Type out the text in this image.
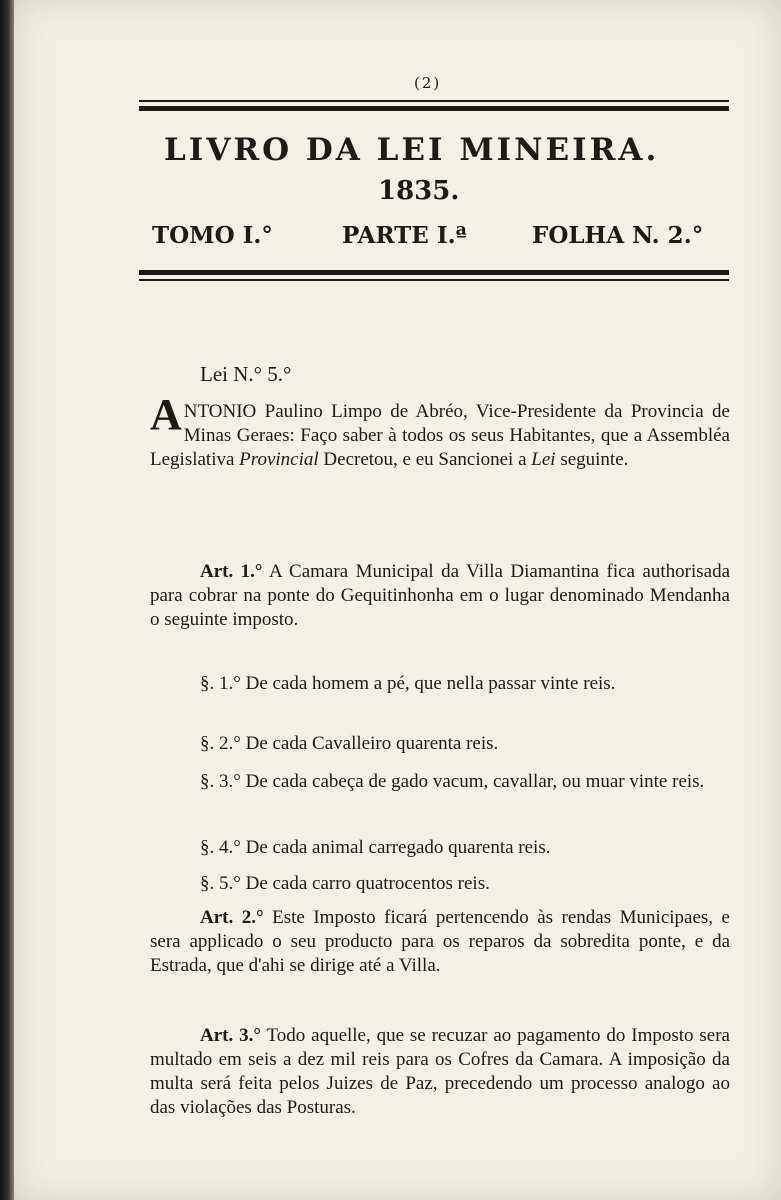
(2)
LIVRO DA LEI MINEIRA.
1835.
TOMO I.°	PARTE I.ª	FOLHA N. 2.°
Lei N.° 5.°
ANTONIO Paulino Limpo de Abréo, Vice-Presidente da Provincia de Minas Geraes: Faço saber à todos os seus Habitantes, que a Assembléa Legislativa Provincial Decretou, e eu Sancionei a Lei seguinte.
Art. 1.° A Camara Municipal da Villa Diamantina fica authorisada para cobrar na ponte do Gequitinhonha em o lugar denominado Mendanha o seguinte imposto.
§. 1.° De cada homem a pé, que nella passar vinte reis.
§. 2.° De cada Cavalleiro quarenta reis.
§. 3.° De cada cabeça de gado vacum, cavallar, ou muar vinte reis.
§. 4.° De cada animal carregado quarenta reis.
§. 5.° De cada carro quatrocentos reis.
Art. 2.° Este Imposto ficará pertencendo às rendas Municipaes, e sera applicado o seu producto para os reparos da sobredita ponte, e da Estrada, que d'ahi se dirige até a Villa.
Art. 3.° Todo aquelle, que se recuzar ao pagamento do Imposto sera multado em seis a dez mil reis para os Cofres da Camara. A imposição da multa será feita pelos Juizes de Paz, precedendo um processo analogo ao das violações das Posturas.
